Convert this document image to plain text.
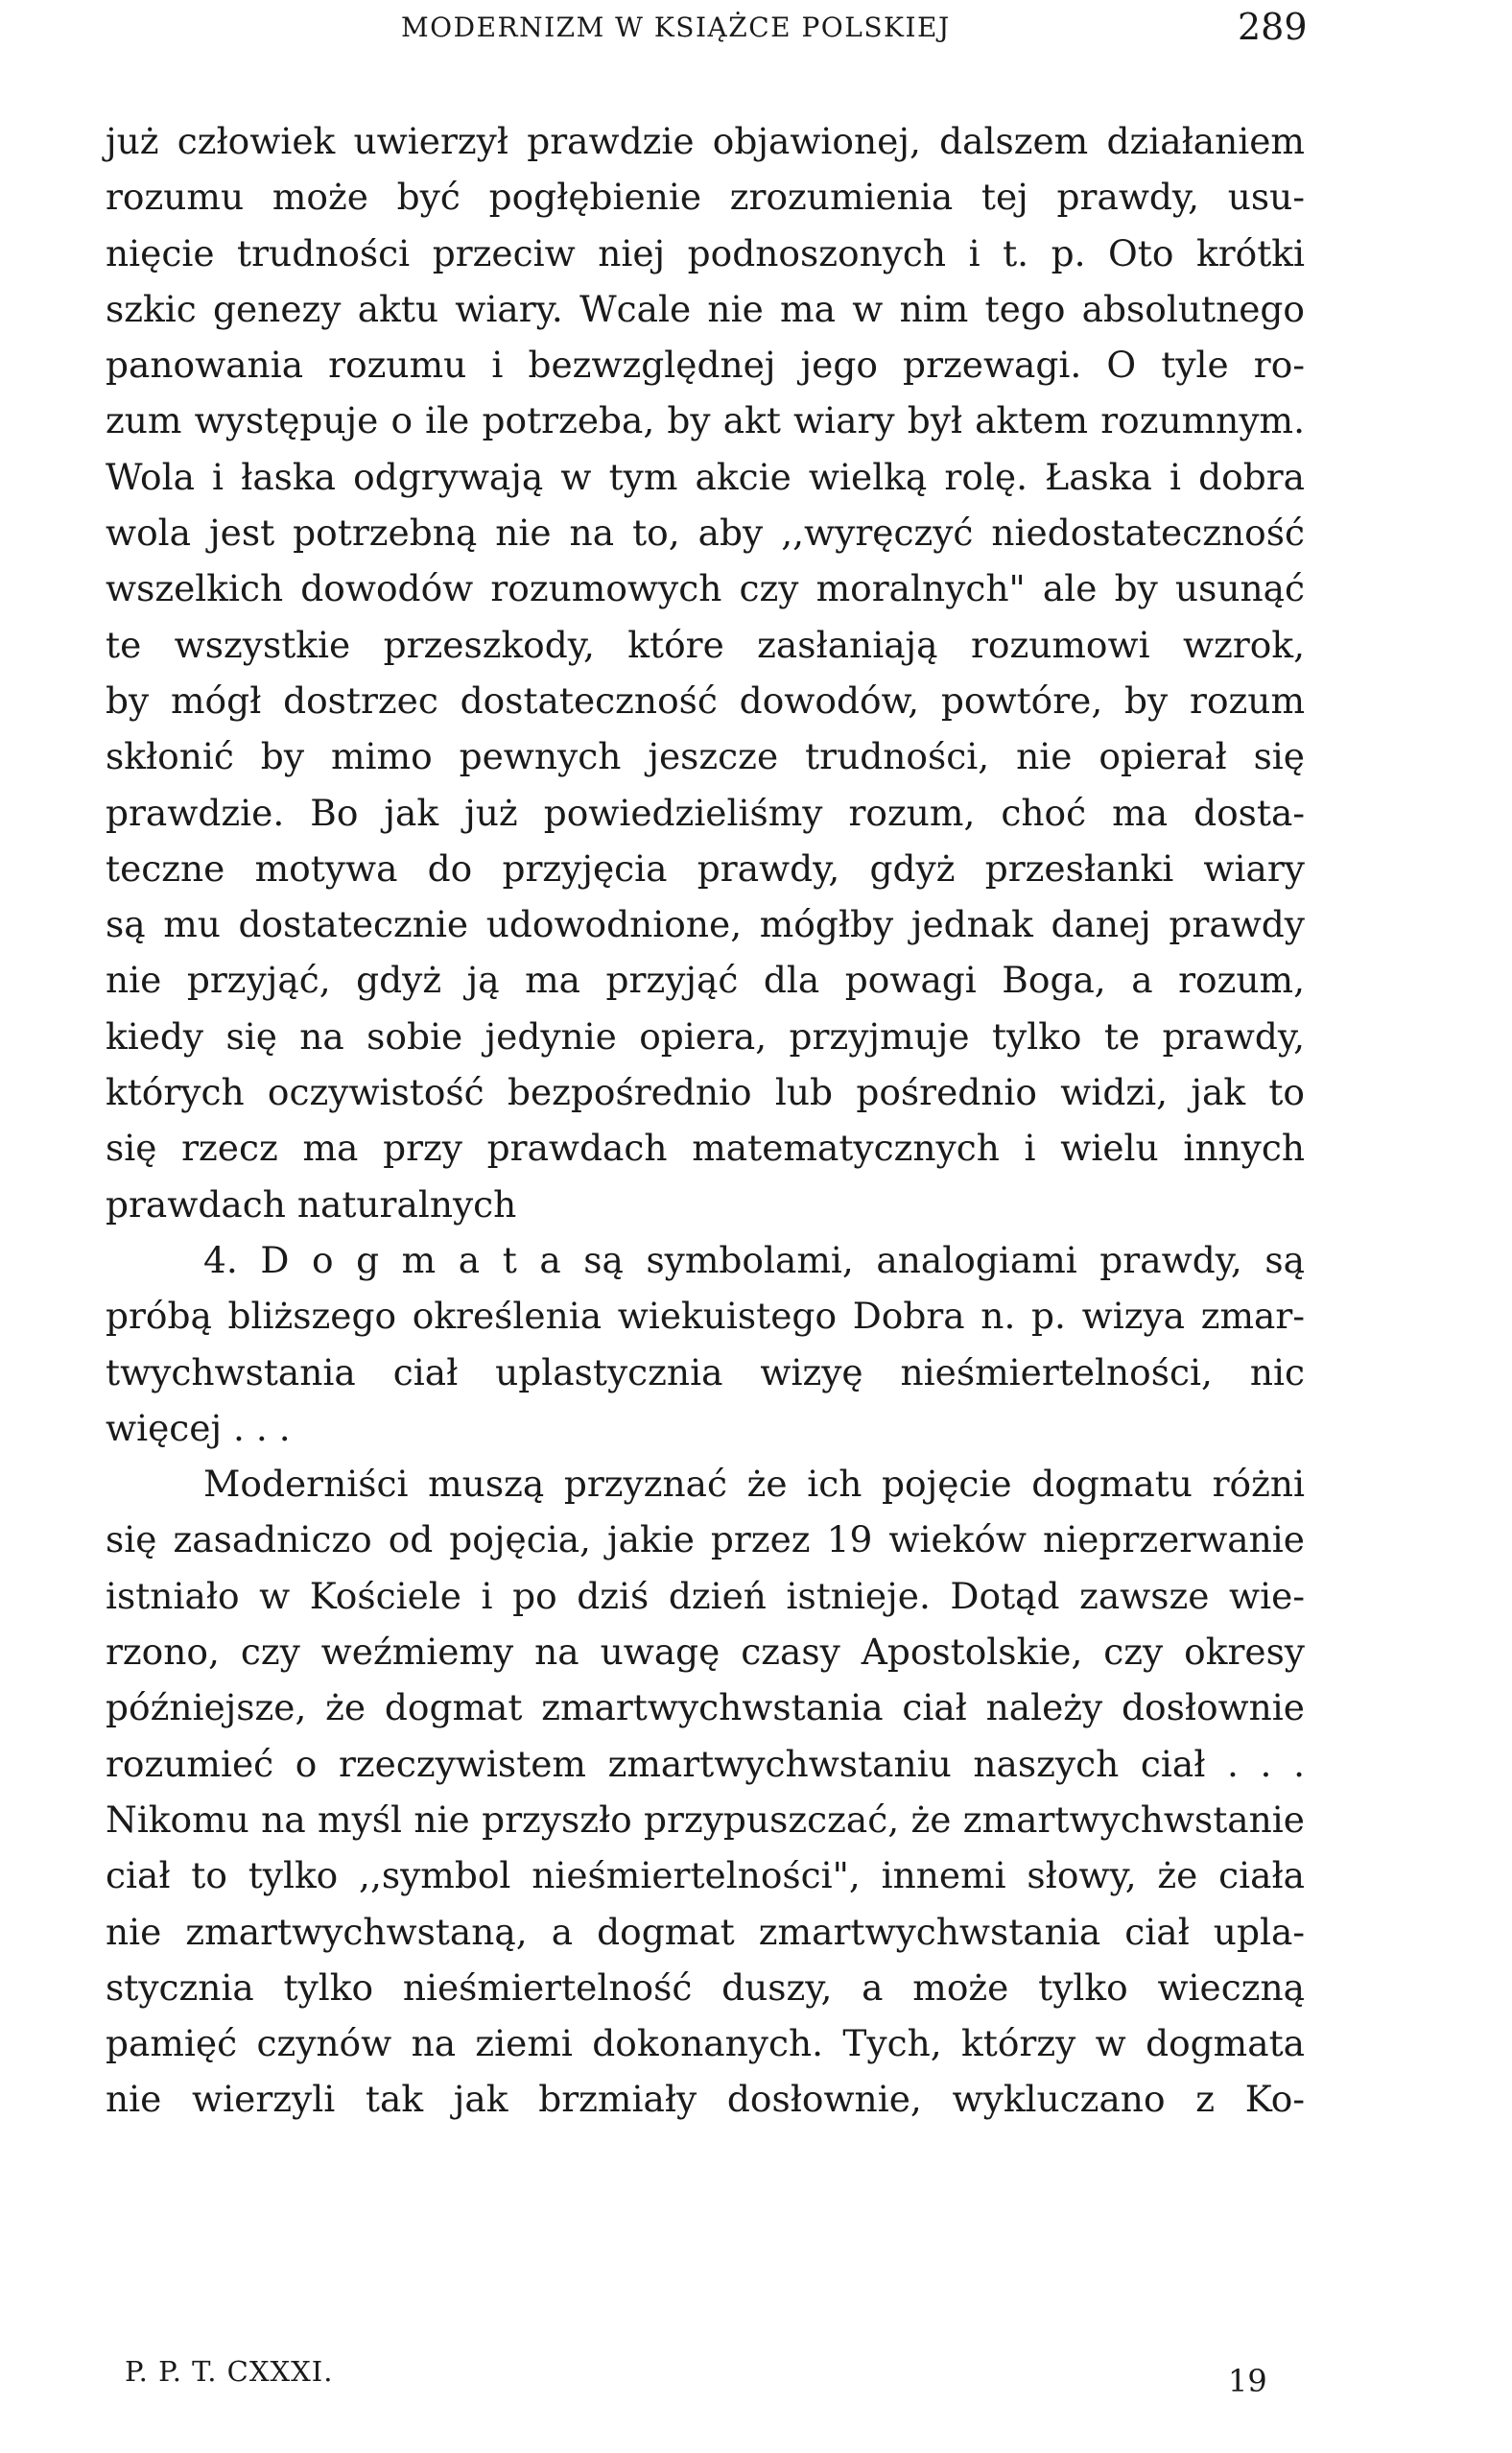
MODERNIZM W KSIĄŻCE POLSKIEJ	289
już człowiek uwierzył prawdzie objawionej, dalszem działaniem
rozumu może być pogłębienie zrozumienia tej prawdy, usu-
nięcie trudności przeciw niej podnoszonych i t. p. Oto krótki
szkic genezy aktu wiary. Wcale nie ma w nim tego absolutnego
panowania rozumu i bezwzględnej jego przewagi. O tyle ro-
zum występuje o ile potrzeba, by akt wiary był aktem rozumnym.
Wola i łaska odgrywają w tym akcie wielką rolę. Łaska i dobra
wola jest potrzebną nie na to, aby ,,wyręczyć niedostateczność
wszelkich dowodów rozumowych czy moralnych" ale by usunąć
te wszystkie przeszkody, które zasłaniają rozumowi wzrok,
by mógł dostrzec dostateczność dowodów, powtóre, by rozum
skłonić by mimo pewnych jeszcze trudności, nie opierał się
prawdzie. Bo jak już powiedzieliśmy rozum, choć ma dosta-
teczne motywa do przyjęcia prawdy, gdyż przesłanki wiary
są mu dostatecznie udowodnione, mógłby jednak danej prawdy
nie przyjąć, gdyż ją ma przyjąć dla powagi Boga, a rozum,
kiedy się na sobie jedynie opiera, przyjmuje tylko te prawdy,
których oczywistość bezpośrednio lub pośrednio widzi, jak to
się rzecz ma przy prawdach matematycznych i wielu innych
prawdach naturalnych
4. D o g m a t a są symbolami, analogiami prawdy, są
próbą bliższego określenia wiekuistego Dobra n. p. wizya zmar-
twychwstania ciał uplastycznia wizyę nieśmiertelności, nic
więcej . . .
Moderniści muszą przyznać że ich pojęcie dogmatu różni
się zasadniczo od pojęcia, jakie przez 19 wieków nieprzerwanie
istniało w Kościele i po dziś dzień istnieje. Dotąd zawsze wie-
rzono, czy weźmiemy na uwagę czasy Apostolskie, czy okresy
późniejsze, że dogmat zmartwychwstania ciał należy dosłownie
rozumieć o rzeczywistem zmartwychwstaniu naszych ciał . . .
Nikomu na myśl nie przyszło przypuszczać, że zmartwychwstanie
ciał to tylko ,,symbol nieśmiertelności", innemi słowy, że ciała
nie zmartwychwstaną, a dogmat zmartwychwstania ciał upla-
stycznia tylko nieśmiertelność duszy, a może tylko wieczną
pamięć czynów na ziemi dokonanych. Tych, którzy w dogmata
nie wierzyli tak jak brzmiały dosłownie, wykluczano z Ko-
P. P. T. CXXXI.	19
